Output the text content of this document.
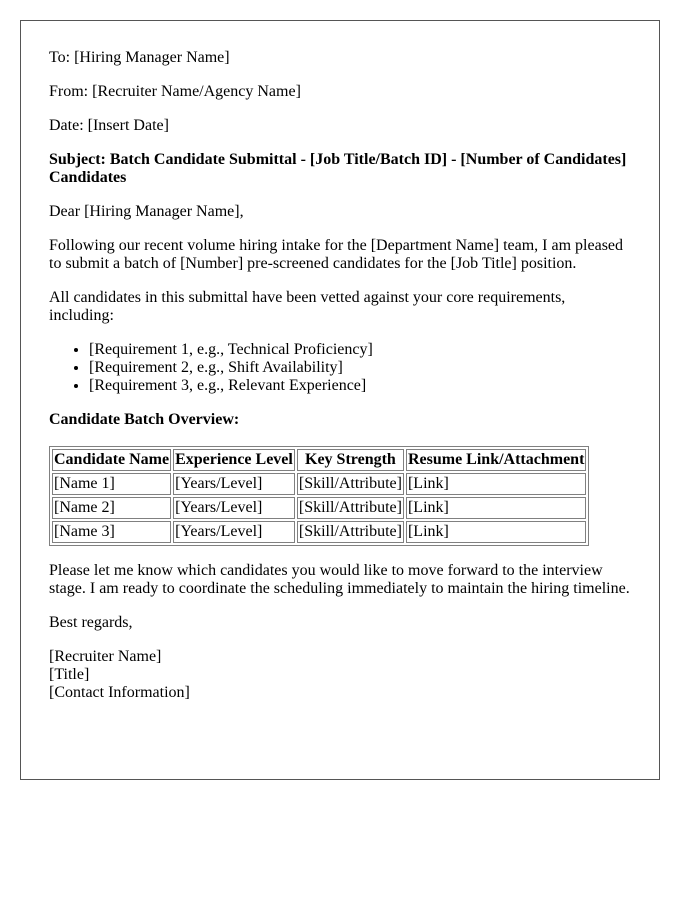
To: [Hiring Manager Name]

From: [Recruiter Name/Agency Name]

Date: [Insert Date]

Subject: Batch Candidate Submittal - [Job Title/Batch ID] - [Number of Candidates] Candidates

Dear [Hiring Manager Name],

Following our recent volume hiring intake for the [Department Name] team, I am pleased to submit a batch of [Number] pre-screened candidates for the [Job Title] position.

All candidates in this submittal have been vetted against your core requirements, including:

• [Requirement 1, e.g., Technical Proficiency]
• [Requirement 2, e.g., Shift Availability]
• [Requirement 3, e.g., Relevant Experience]

Candidate Batch Overview:

Candidate Name	Experience Level	Key Strength	Resume Link/Attachment
[Name 1]	[Years/Level]	[Skill/Attribute]	[Link]
[Name 2]	[Years/Level]	[Skill/Attribute]	[Link]
[Name 3]	[Years/Level]	[Skill/Attribute]	[Link]

Please let me know which candidates you would like to move forward to the interview stage. I am ready to coordinate the scheduling immediately to maintain the hiring timeline.

Best regards,

[Recruiter Name]

[Title]

[Contact Information]
